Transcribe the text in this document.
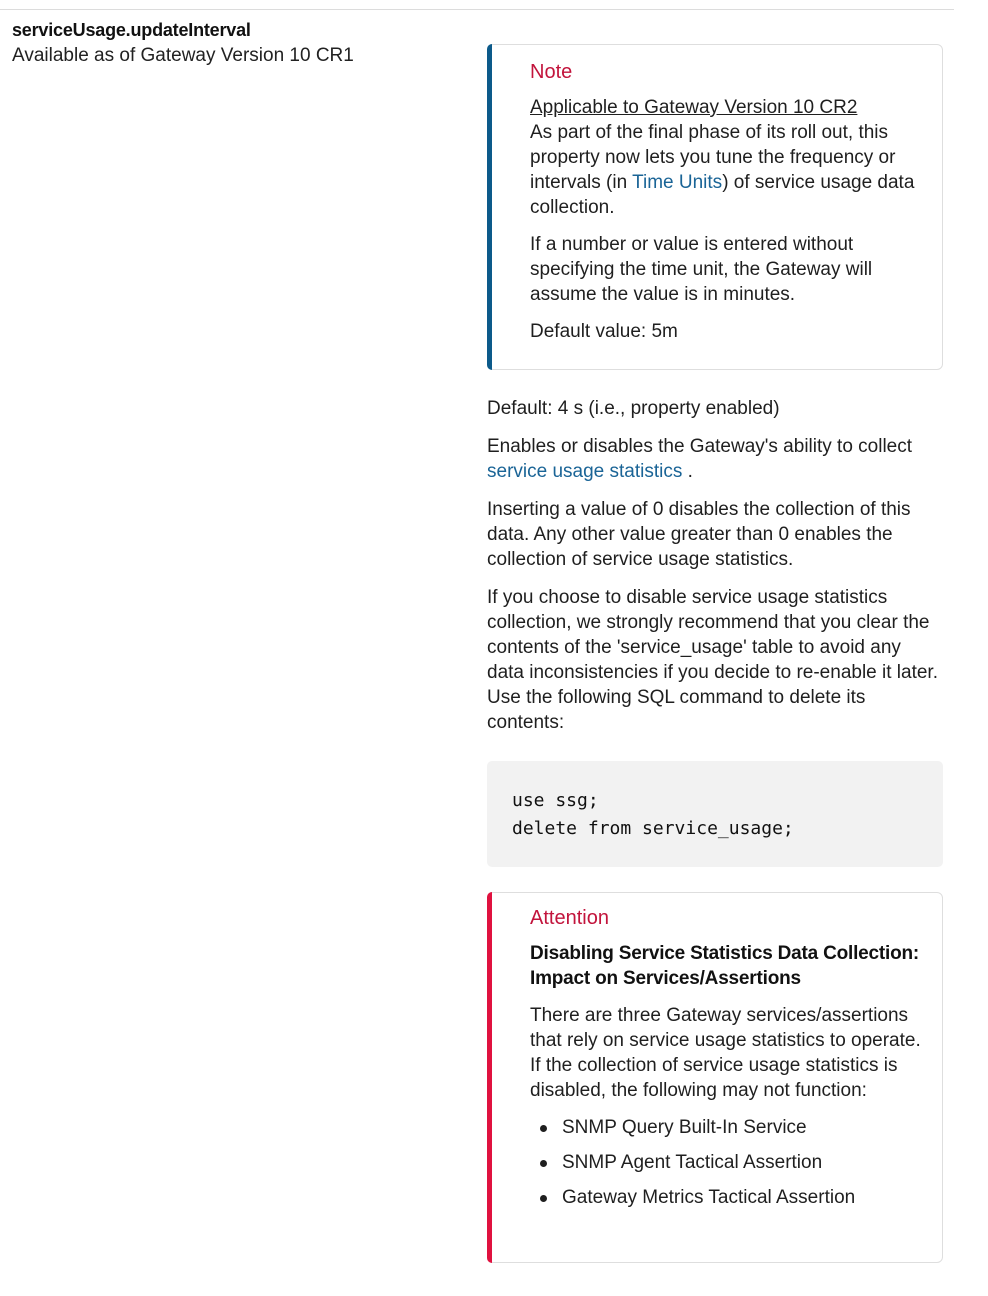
serviceUsage.updateInterval
Available as of Gateway Version 10 CR1
Note
Applicable to Gateway Version 10 CR2
As part of the final phase of its roll out, this property now lets you tune the frequency or intervals (in Time Units) of service usage data collection.
If a number or value is entered without specifying the time unit, the Gateway will assume the value is in minutes.
Default value: 5m
Default: 4 s (i.e., property enabled)
Enables or disables the Gateway's ability to collect service usage statistics .
Inserting a value of 0 disables the collection of this data. Any other value greater than 0 enables the collection of service usage statistics.
If you choose to disable service usage statistics collection, we strongly recommend that you clear the contents of the 'service_usage' table to avoid any data inconsistencies if you decide to re-enable it later. Use the following SQL command to delete its contents:
use ssg;
delete from service_usage;
Attention
Disabling Service Statistics Data Collection: Impact on Services/Assertions
There are three Gateway services/assertions that rely on service usage statistics to operate. If the collection of service usage statistics is disabled, the following may not function:
SNMP Query Built-In Service
SNMP Agent Tactical Assertion
Gateway Metrics Tactical Assertion
